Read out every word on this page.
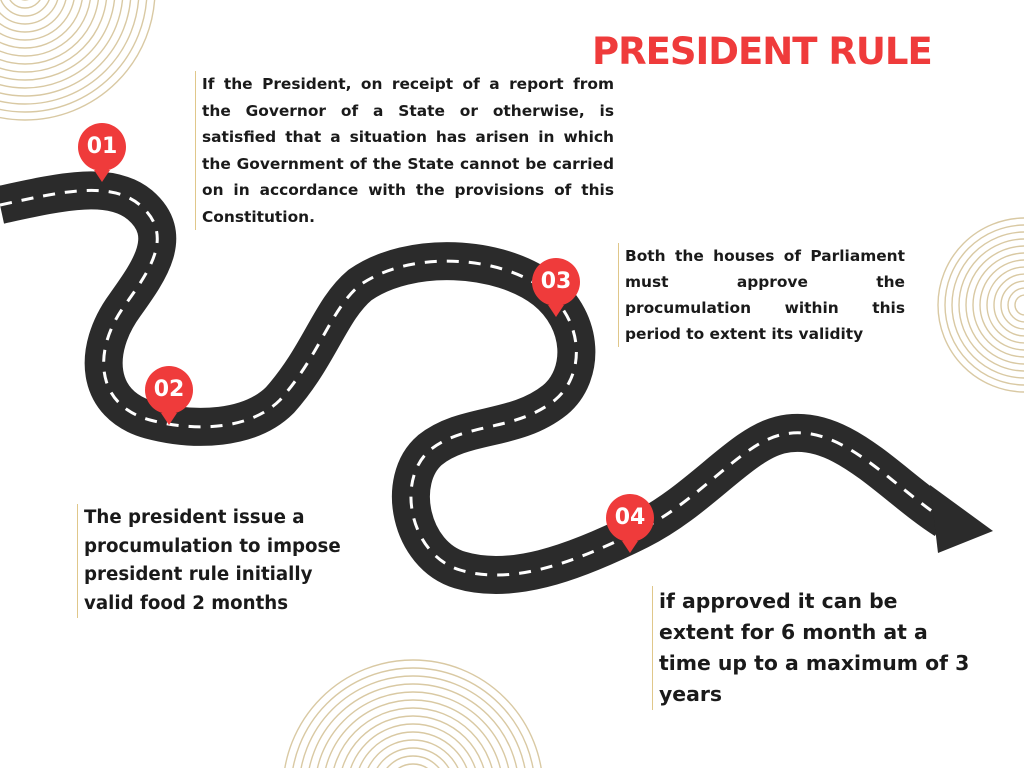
PRESIDENT RULE
If the President, on receipt of a report from the Governor of a State or otherwise, is satisfied that a situation has arisen in which the Government of the State cannot be carried on in accordance with the provisions of this Constitution.
Both the houses of Parliament must approve the procumulation within this period to extent its validity
The president issue a procumulation to impose president rule initially valid food 2 months	if approved it can be extent for 6 month at a time up to a maximum of 3 years
01
02
03
04
